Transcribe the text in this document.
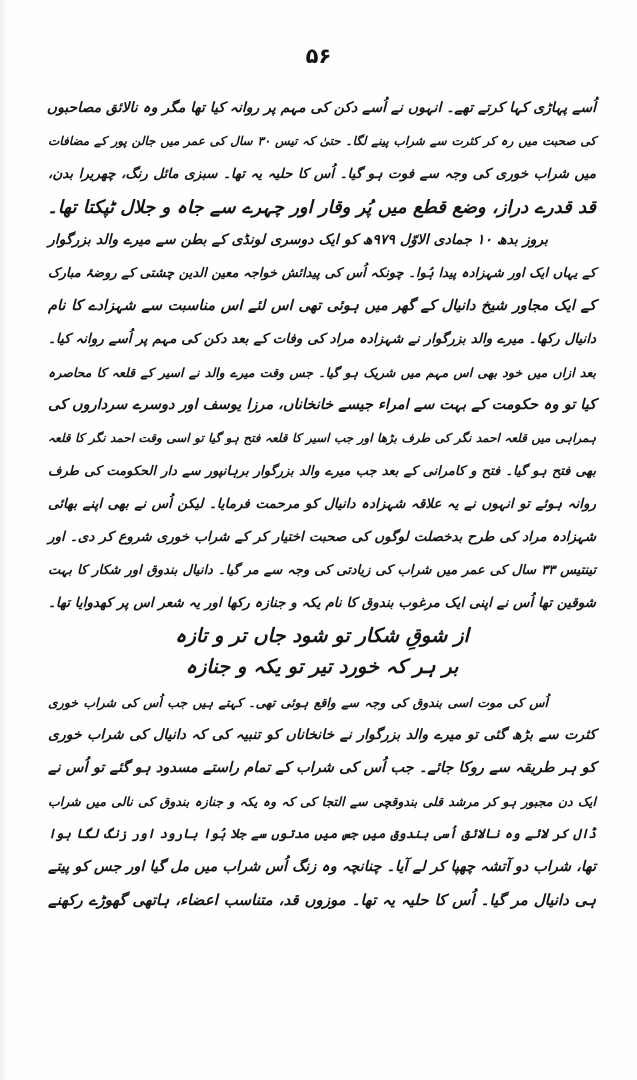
۵۶
اُسے پہاڑی کہا کرتے تھے۔ انہوں نے اُسے دکن کی مہم پر روانہ کیا تھا مگر وہ نالائق مصاحبوں
کی صحبت میں رہ کر کثرت سے شراب پینے لگا۔ حتیٰ کہ تیس ۳۰ سال کی عمر میں جالن پور کے مضافات
میں شراب خوری کی وجہ سے فوت ہو گیا۔ اُس کا حلیہ یہ تھا۔ سبزی مائل رنگ، چھریرا بدن،
قد قدرے دراز، وضع قطع میں پُر وقار اور چہرے سے جاہ و جلال ٹپکتا تھا۔
بروز بدھ ۱۰ جمادی الاوّل ۹۷۹ھ کو ایک دوسری لونڈی کے بطن سے میرے والد بزرگوار
کے یہاں ایک اور شہزادہ پیدا ہُوا۔ چونکہ اُس کی پیدائش خواجہ معین الدین چشتی کے روضۂ مبارک
کے ایک مجاور شیخ دانیال کے گھر میں ہوئی تھی اس لئے اس مناسبت سے شہزادے کا نام
دانیال رکھا۔ میرے والد بزرگوار نے شہزادہ مراد کی وفات کے بعد دکن کی مہم پر اُسے روانہ کیا۔
بعد ازاں میں خود بھی اس مہم میں شریک ہو گیا۔ جس وقت میرے والد نے اسیر کے قلعہ کا محاصرہ
کیا تو وہ حکومت کے بہت سے امراء جیسے خانخاناں، مرزا یوسف اور دوسرے سرداروں کی
ہمراہی میں قلعہ احمد نگر کی طرف بڑھا اور جب اسیر کا قلعہ فتح ہو گیا تو اسی وقت احمد نگر کا قلعہ
بھی فتح ہو گیا۔ فتح و کامرانی کے بعد جب میرے والد بزرگوار برہانپور سے دار الحکومت کی طرف
روانہ ہوئے تو انہوں نے یہ علاقہ شہزادہ دانیال کو مرحمت فرمایا۔ لیکن اُس نے بھی اپنے بھائی
شہزادہ مراد کی طرح بدخصلت لوگوں کی صحبت اختیار کر کے شراب خوری شروع کر دی۔ اور
تینتیس ۳۳ سال کی عمر میں شراب کی زیادتی کی وجہ سے مر گیا۔ دانیال بندوق اور شکار کا بہت
شوقین تھا اُس نے اپنی ایک مرغوب بندوق کا نام یکہ و جنازہ رکھا اور یہ شعر اس پر کھدوایا تھا۔
از شوقِ شکار تو شود جاں تر و تازہ
بر ہر کہ خورد تیر تو یکہ و جنازہ
اُس کی موت اسی بندوق کی وجہ سے واقع ہوئی تھی۔ کہتے ہیں جب اُس کی شراب خوری
کثرت سے بڑھ گئی تو میرے والد بزرگوار نے خانخاناں کو تنبیہ کی کہ دانیال کی شراب خوری
کو ہر طریقہ سے روکا جائے۔ جب اُس کی شراب کے تمام راستے مسدود ہو گئے تو اُس نے
ایک دن مجبور ہو کر مرشد قلی بندوقچی سے التجا کی کہ وہ یکہ و جنازہ بندوق کی نالی میں شراب
ڈال کر لائے وہ نالائق اُسی بندوق میں جس میں مدتوں سے جلا ہُوا بارود اور زنگ لگا ہوا
تھا، شراب دو آتشہ چھپا کر لے آیا۔ چنانچہ وہ زنگ اُس شراب میں مل گیا اور جس کو پیتے
ہی دانیال مر گیا۔ اُس کا حلیہ یہ تھا۔ موزوں قد، متناسب اعضاء، ہاتھی گھوڑے رکھنے
